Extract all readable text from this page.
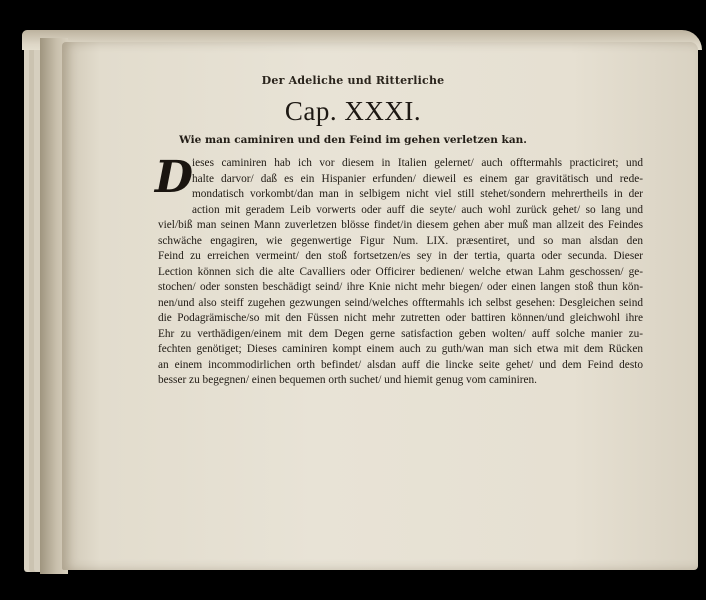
Der Adeliche und Ritterliche
Cap. XXXI.
Wie man caminiren und den Feind im gehen verletzen kan.
D
ieses caminiren hab ich vor diesem in Italien gelernet/ auch offtermahls practiciret; und
halte darvor/ daß es ein Hispanier erfunden/ dieweil es einem gar gravitätisch und rede-
mondatisch vorkombt/dan man in selbigem nicht viel still stehet/sondern mehrertheils in der
action mit geradem Leib vorwerts oder auff die seyte/ auch wohl zurück gehet/ so lang und
viel/biß man seinen Mann zuverletzen blösse findet/in diesem gehen aber muß man allzeit des Feindes
schwäche engagiren, wie gegenwertige Figur Num. LIX. præsentiret, und so man alsdan den
Feind zu erreichen vermeint/ den stoß fortsetzen/es sey in der tertia, quarta oder secunda. Dieser
Lection können sich die alte Cavalliers oder Officirer bedienen/ welche etwan Lahm geschossen/ ge-
stochen/ oder sonsten beschädigt seind/ ihre Knie nicht mehr biegen/ oder einen langen stoß thun kön-
nen/und also steiff zugehen gezwungen seind/welches offtermahls ich selbst gesehen: Desgleichen seind
die Podagrämische/so mit den Füssen nicht mehr zutretten oder battiren können/und gleichwohl ihre
Ehr zu verthädigen/einem mit dem Degen gerne satisfaction geben wolten/ auff solche manier zu-
fechten genötiget; Dieses caminiren kompt einem auch zu guth/wan man sich etwa mit dem Rücken
an einem incommodirlichen orth befindet/ alsdan auff die lincke seite gehet/ und dem Feind desto
besser zu begegnen/ einen bequemen orth suchet/ und hiemit genug vom caminiren.
